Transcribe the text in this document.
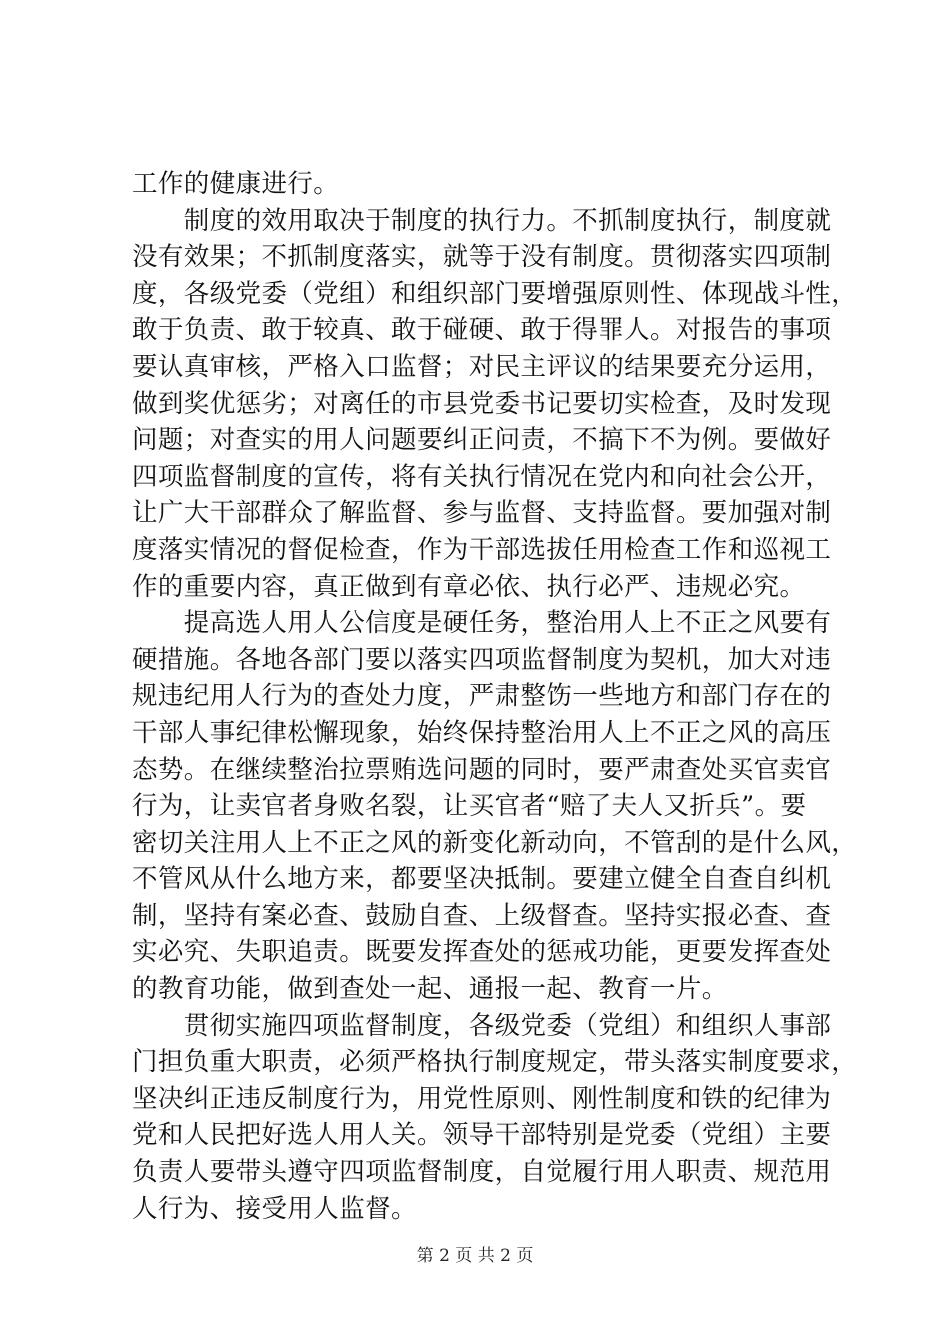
工作的健康进行。
　　制度的效用取决于制度的执行力。不抓制度执行，制度就
没有效果；不抓制度落实，就等于没有制度。贯彻落实四项制
度，各级党委（党组）和组织部门要增强原则性、体现战斗性，
敢于负责、敢于较真、敢于碰硬、敢于得罪人。对报告的事项
要认真审核，严格入口监督；对民主评议的结果要充分运用，
做到奖优惩劣；对离任的市县党委书记要切实检查，及时发现
问题；对查实的用人问题要纠正问责，不搞下不为例。要做好
四项监督制度的宣传，将有关执行情况在党内和向社会公开，
让广大干部群众了解监督、参与监督、支持监督。要加强对制
度落实情况的督促检查，作为干部选拔任用检查工作和巡视工
作的重要内容，真正做到有章必依、执行必严、违规必究。
　　提高选人用人公信度是硬任务，整治用人上不正之风要有
硬措施。各地各部门要以落实四项监督制度为契机，加大对违
规违纪用人行为的查处力度，严肃整饬一些地方和部门存在的
干部人事纪律松懈现象，始终保持整治用人上不正之风的高压
态势。在继续整治拉票贿选问题的同时，要严肃查处买官卖官
行为，让卖官者身败名裂，让买官者“赔了夫人又折兵”。要
密切关注用人上不正之风的新变化新动向，不管刮的是什么风，
不管风从什么地方来，都要坚决抵制。要建立健全自查自纠机
制，坚持有案必查、鼓励自查、上级督查。坚持实报必查、查
实必究、失职追责。既要发挥查处的惩戒功能，更要发挥查处
的教育功能，做到查处一起、通报一起、教育一片。
　　贯彻实施四项监督制度，各级党委（党组）和组织人事部
门担负重大职责，必须严格执行制度规定，带头落实制度要求，
坚决纠正违反制度行为，用党性原则、刚性制度和铁的纪律为
党和人民把好选人用人关。领导干部特别是党委（党组）主要
负责人要带头遵守四项监督制度，自觉履行用人职责、规范用
人行为、接受用人监督。
第 2 页 共 2 页
